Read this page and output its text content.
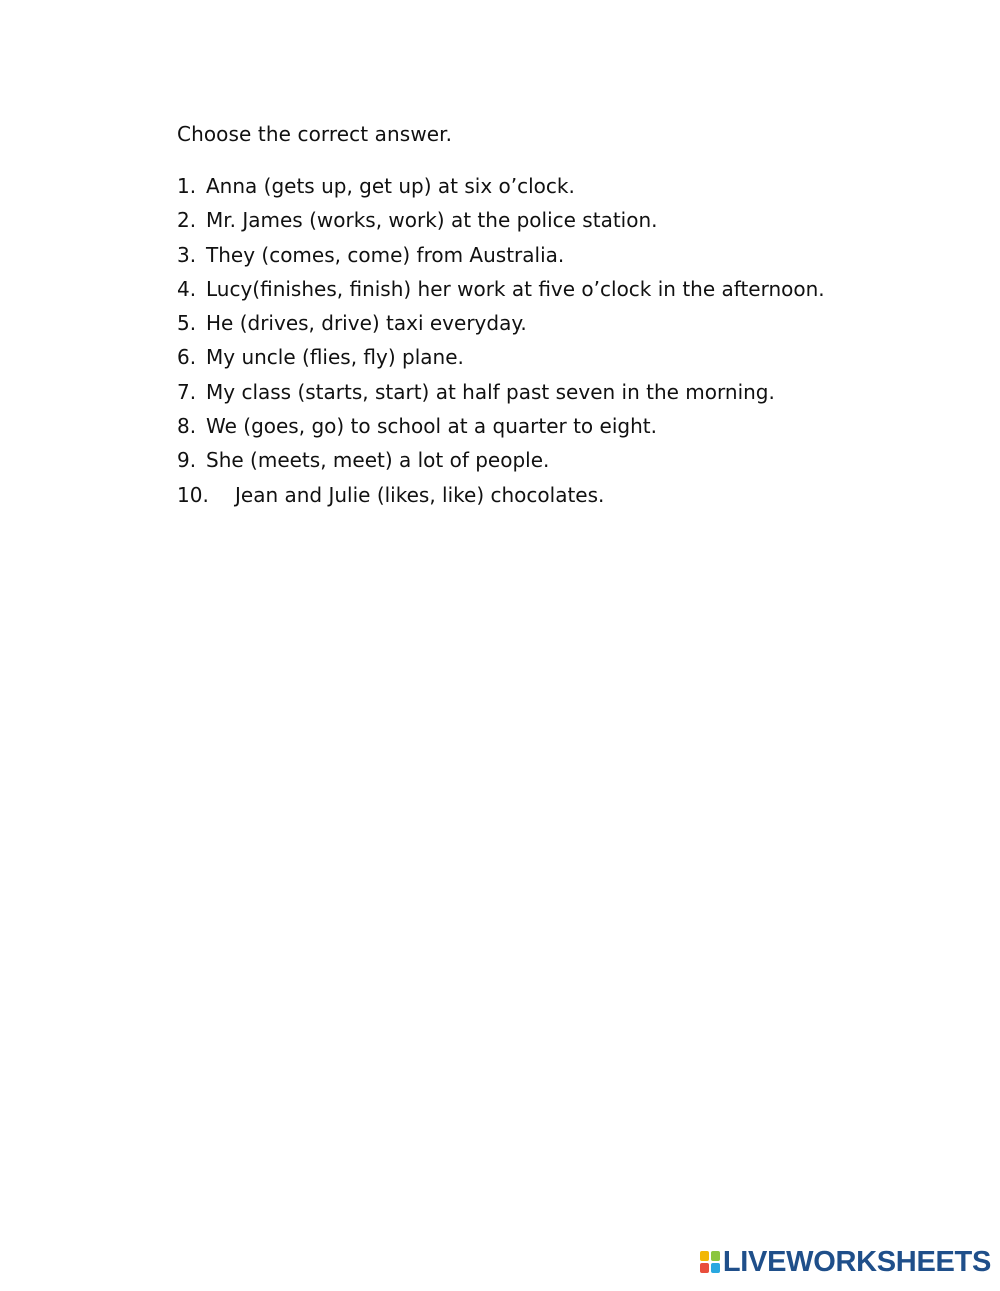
Choose the correct answer.
1. Anna (gets up, get up) at six o’clock.
2. Mr. James (works, work) at the police station.
3. They (comes, come) from Australia.
4. Lucy(finishes, finish) her work at five o’clock in the afternoon.
5. He (drives, drive) taxi everyday.
6. My uncle (flies, fly) plane.
7. My class (starts, start) at half past seven in the morning.
8. We (goes, go) to school at a quarter to eight.
9. She (meets, meet) a lot of people.
10.	Jean and Julie (likes, like) chocolates.
LIVEWORKSHEETS
